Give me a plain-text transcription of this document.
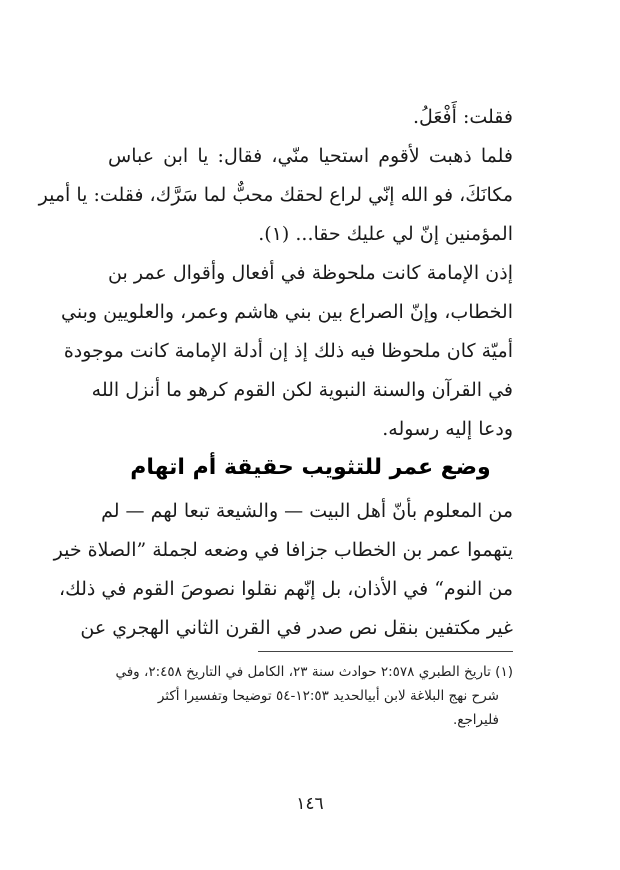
فقلت: أَفْعَلُ.
فلما ذهبت لأقوم استحيا منّي، فقال: يا ابن عباس
مكانَكَ، فو الله إنّي لراع لحقك محبٌّ لما سَرَّك، فقلت: يا أمير
المؤمنين إنّ لي عليك حقا... (١).
إذن الإمامة كانت ملحوظة في أفعال وأقوال عمر بن
الخطاب، وإنّ الصراع بين بني هاشم وعمر، والعلويين وبني
أميّة كان ملحوظا فيه ذلك إذ إن أدلة الإمامة كانت موجودة
في القرآن والسنة النبوية لكن القوم كرهو ما أنزل الله
ودعا إليه رسوله.
وضع عمر للتثويب حقيقة أم اتهام
من المعلوم بأنّ أهل البيت — والشيعة تبعا لهم — لم
يتهموا عمر بن الخطاب جزافا في وضعه لجملة ”الصلاة خير
من النوم“ في الأذان، بل إنّهم نقلوا نصوصَ القوم في ذلك،
غير مكتفين بنقل نص صدر في القرن الثاني الهجري عن
(١) تاريخ الطبري ٢:٥٧٨ حوادث سنة ٢٣، الكامل في التاريخ ٢:٤٥٨، وفي
شرح نهج البلاغة لابن أبيالحديد ١٢:٥٣-٥٤ توضيحا وتفسيرا أكثر
فليراجع.
١٤٦
